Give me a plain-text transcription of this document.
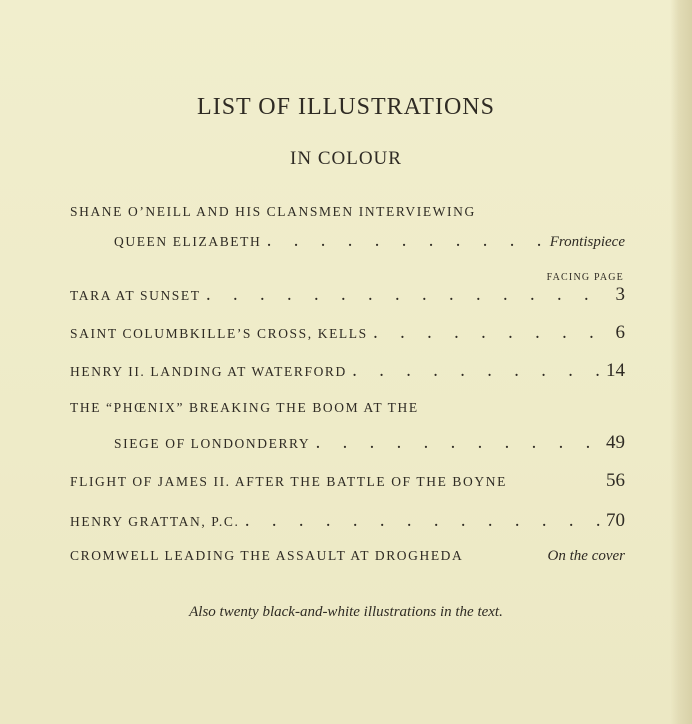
LIST OF ILLUSTRATIONS
IN COLOUR
SHANE O’NEILL AND HIS CLANSMEN INTERVIEWING
QUEEN ELIZABETH .	Frontispiece
FACING PAGE
TARA AT SUNSET .	3
SAINT COLUMBKILLE’S CROSS, KELLS .	6
HENRY II. LANDING AT WATERFORD .	14
THE “PHŒNIX” BREAKING THE BOOM AT THE
SIEGE OF LONDONDERRY .	49
FLIGHT OF JAMES II. AFTER THE BATTLE OF THE BOYNE	56
HENRY GRATTAN, P.C. .	70
CROMWELL LEADING THE ASSAULT AT DROGHEDA	On the cover
Also twenty black-and-white illustrations in the text.
